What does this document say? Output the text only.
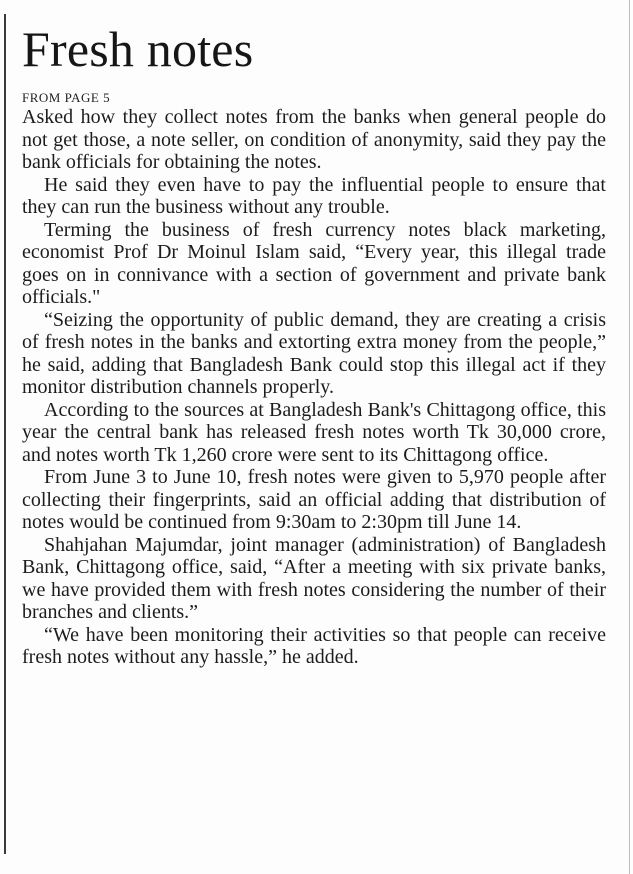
Fresh notes
FROM PAGE 5

Asked how they collect notes from the banks when general people do not get those, a note seller, on condition of anonymity, said they pay the bank officials for obtaining the notes.

He said they even have to pay the influential people to ensure that they can run the business without any trouble.

Terming the business of fresh currency notes black marketing, economist Prof Dr Moinul Islam said, “Every year, this illegal trade goes on in connivance with a section of government and private bank officials."

“Seizing the opportunity of public demand, they are creating a crisis of fresh notes in the banks and extorting extra money from the people,” he said, adding that Bangladesh Bank could stop this illegal act if they monitor distribution channels properly.

According to the sources at Bangladesh Bank's Chittagong office, this year the central bank has released fresh notes worth Tk 30,000 crore, and notes worth Tk 1,260 crore were sent to its Chittagong office.

From June 3 to June 10, fresh notes were given to 5,970 people after collecting their fingerprints, said an official adding that distribution of notes would be continued from 9:30am to 2:30pm till June 14.

Shahjahan Majumdar, joint manager (administration) of Bangladesh Bank, Chittagong office, said, “After a meeting with six private banks, we have provided them with fresh notes considering the number of their branches and clients.”

“We have been monitoring their activities so that people can receive fresh notes without any hassle,” he added.
